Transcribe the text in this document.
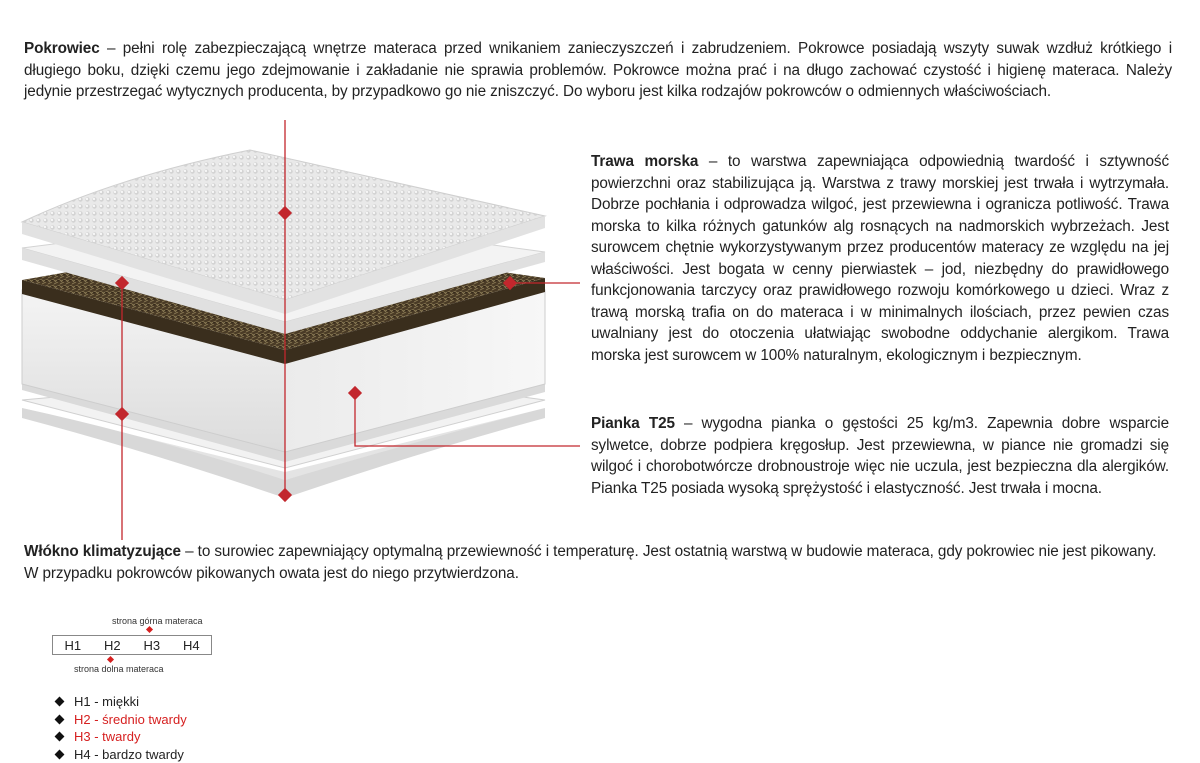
Pokrowiec – pełni rolę zabezpieczającą wnętrze materaca przed wnikaniem zanieczyszczeń i zabrudzeniem. Pokrowce posiadają wszyty suwak wzdłuż krótkiego i długiego boku, dzięki czemu jego zdejmowanie i zakładanie nie sprawia problemów. Pokrowce można prać i na długo zachować czystość i higienę materaca. Należy jedynie przestrzegać wytycznych producenta, by przypadkowo go nie zniszczyć. Do wyboru jest kilka rodzajów pokrowców o odmiennych właściwościach.
Trawa morska – to warstwa zapewniająca odpowiednią twardość i sztywność powierzchni oraz stabilizująca ją. Warstwa z trawy morskiej jest trwała i wytrzymała. Dobrze pochłania i odprowadza wilgoć, jest przewiewna i ogranicza potliwość. Trawa morska to kilka różnych gatunków alg rosnących na nadmorskich wybrzeżach. Jest surowcem chętnie wykorzystywanym przez producentów materacy ze względu na jej właściwości. Jest bogata w cenny pierwiastek – jod, niezbędny do prawidłowego funkcjonowania tarczycy oraz prawidłowego rozwoju komórkowego u dzieci. Wraz z trawą morską trafia on do materaca i w minimalnych ilościach, przez pewien czas uwalniany jest do otoczenia ułatwiając swobodne oddychanie alergikom. Trawa morska jest surowcem w 100% naturalnym, ekologicznym i bezpiecznym.
Pianka T25 – wygodna pianka o gęstości 25 kg/m3. Zapewnia dobre wsparcie sylwetce, dobrze podpiera kręgosłup. Jest przewiewna, w piance nie gromadzi się wilgoć i chorobotwórcze drobnoustroje więc nie uczula, jest bezpieczna dla alergików. Pianka T25 posiada wysoką sprężystość i elastyczność. Jest trwała i mocna.
Włókno klimatyzujące – to surowiec zapewniający optymalną przewiewność i temperaturę. Jest ostatnią warstwą w budowie materaca, gdy pokrowiec nie jest pikowany. W przypadku pokrowców pikowanych owata jest do niego przytwierdzona.
strona górna materaca
H1 H2 H3 H4
strona dolna materaca
H1 - miękki
H2 - średnio twardy
H3 - twardy
H4 - bardzo twardy
